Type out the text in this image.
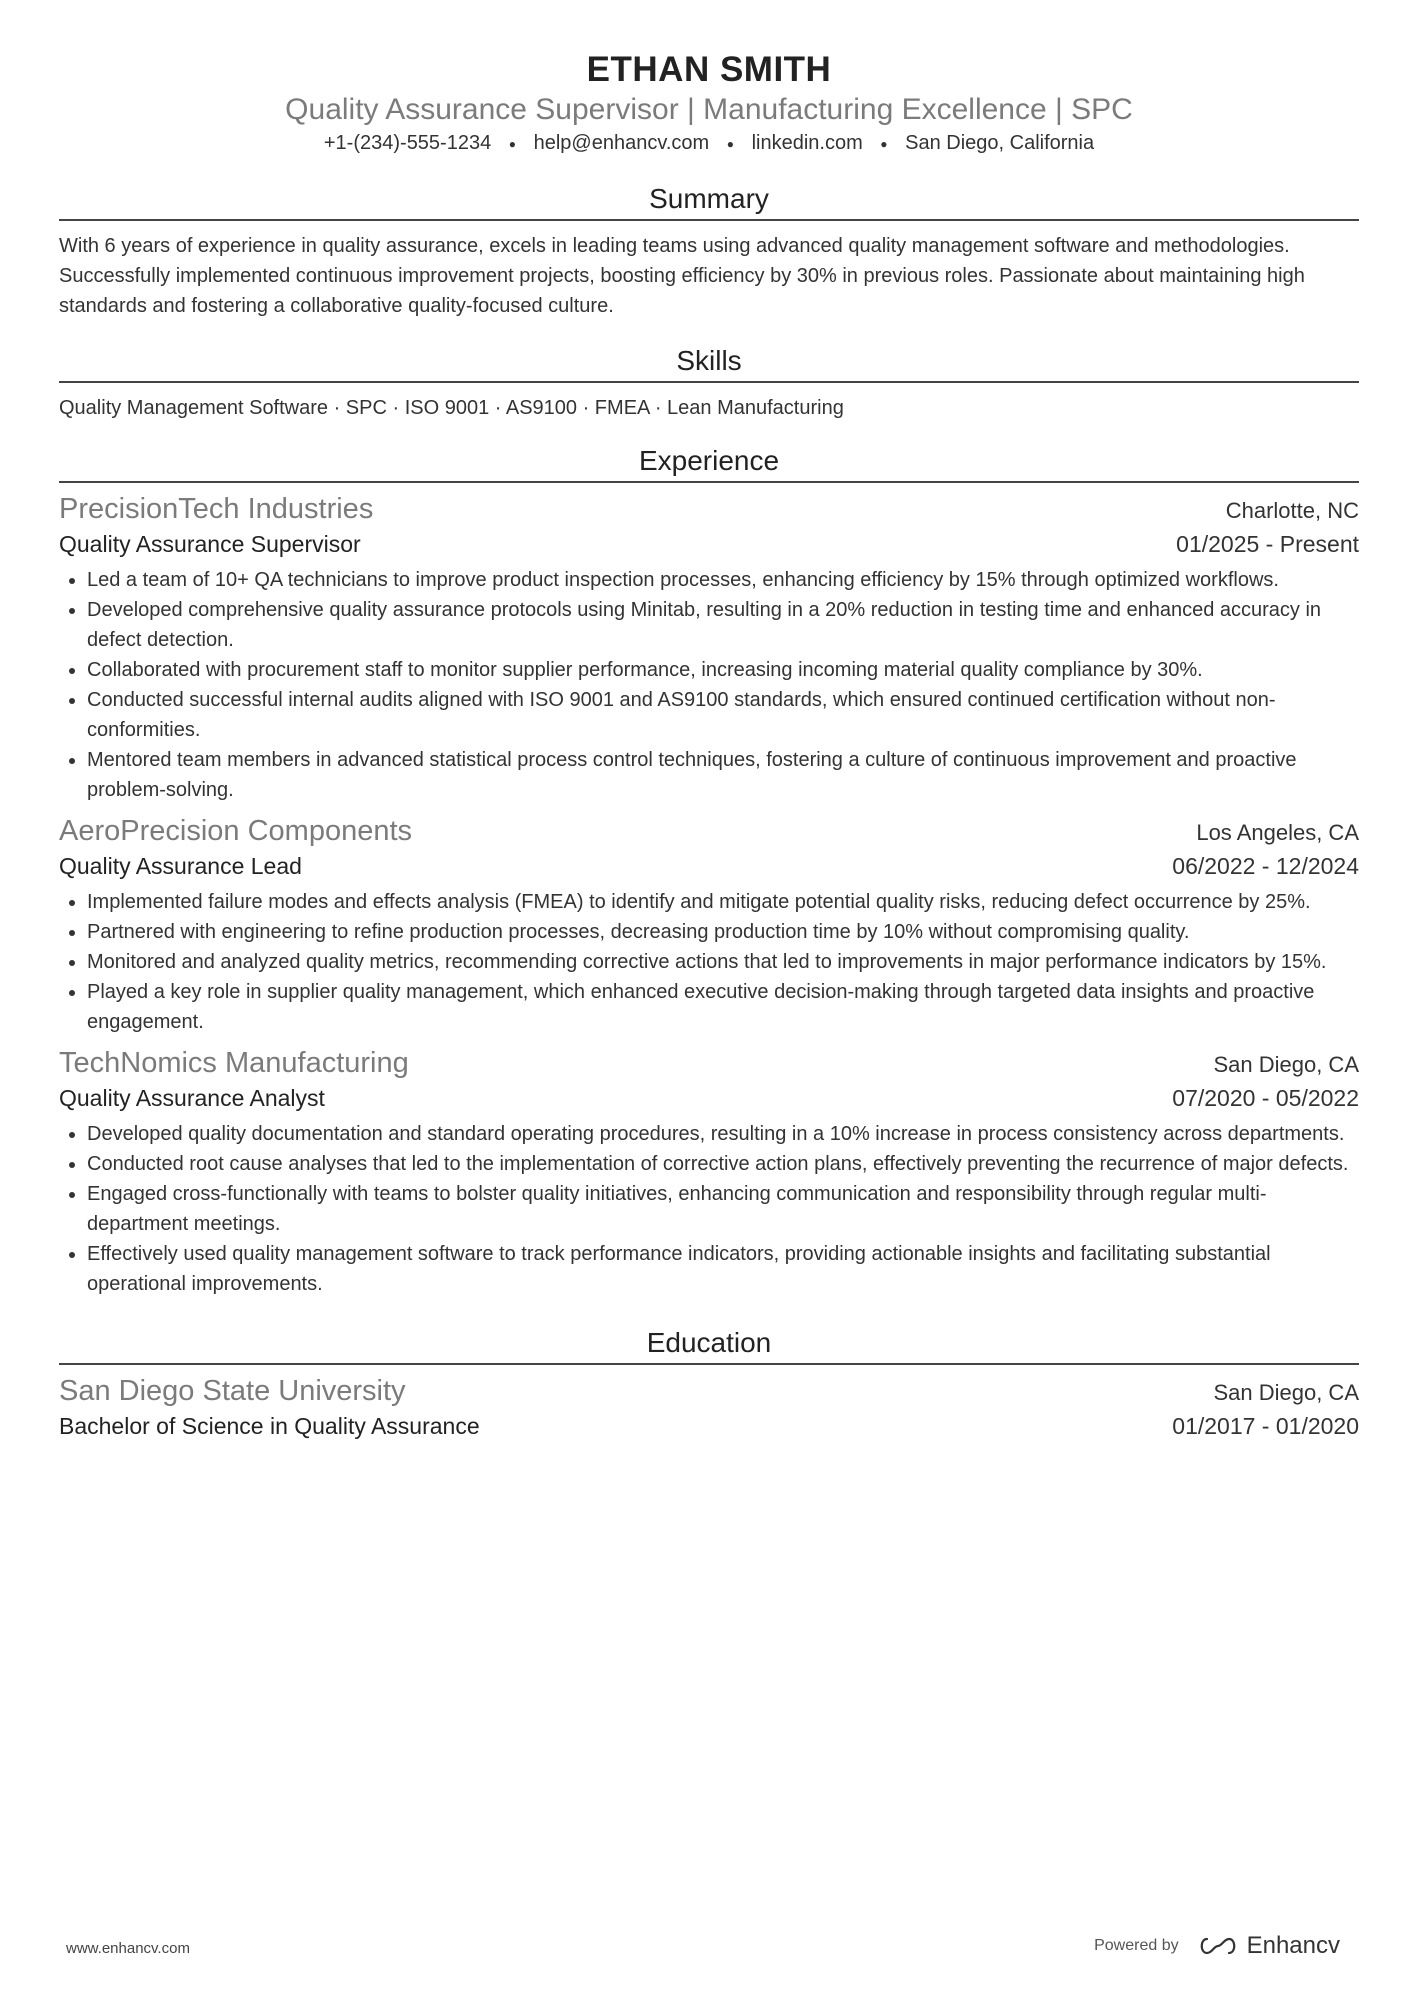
ETHAN SMITH
Quality Assurance Supervisor | Manufacturing Excellence | SPC
+1-(234)-555-1234 ● help@enhancv.com ● linkedin.com ● San Diego, California
Summary

With 6 years of experience in quality assurance, excels in leading teams using advanced quality management software and methodologies. Successfully implemented continuous improvement projects, boosting efficiency by 30% in previous roles. Passionate about maintaining high standards and fostering a collaborative quality-focused culture.

Skills

Quality Management Software · SPC · ISO 9001 · AS9100 · FMEA · Lean Manufacturing

Experience
PrecisionTech Industries	Charlotte, NC
Quality Assurance Supervisor	01/2025 - Present
• Led a team of 10+ QA technicians to improve product inspection processes, enhancing efficiency by 15% through optimized workflows.
• Developed comprehensive quality assurance protocols using Minitab, resulting in a 20% reduction in testing time and enhanced accuracy in defect detection.
• Collaborated with procurement staff to monitor supplier performance, increasing incoming material quality compliance by 30%.
• Conducted successful internal audits aligned with ISO 9001 and AS9100 standards, which ensured continued certification without non-conformities.
• Mentored team members in advanced statistical process control techniques, fostering a culture of continuous improvement and proactive problem-solving.
AeroPrecision Components	Los Angeles, CA
Quality Assurance Lead	06/2022 - 12/2024
• Implemented failure modes and effects analysis (FMEA) to identify and mitigate potential quality risks, reducing defect occurrence by 25%.
• Partnered with engineering to refine production processes, decreasing production time by 10% without compromising quality.
• Monitored and analyzed quality metrics, recommending corrective actions that led to improvements in major performance indicators by 15%.
• Played a key role in supplier quality management, which enhanced executive decision-making through targeted data insights and proactive engagement.
TechNomics Manufacturing	San Diego, CA
Quality Assurance Analyst	07/2020 - 05/2022
• Developed quality documentation and standard operating procedures, resulting in a 10% increase in process consistency across departments.
• Conducted root cause analyses that led to the implementation of corrective action plans, effectively preventing the recurrence of major defects.
• Engaged cross-functionally with teams to bolster quality initiatives, enhancing communication and responsibility through regular multi-department meetings.
• Effectively used quality management software to track performance indicators, providing actionable insights and facilitating substantial operational improvements.
Education
San Diego State University	San Diego, CA
Bachelor of Science in Quality Assurance	01/2017 - 01/2020
www.enhancv.com	Powered by	Enhancv
